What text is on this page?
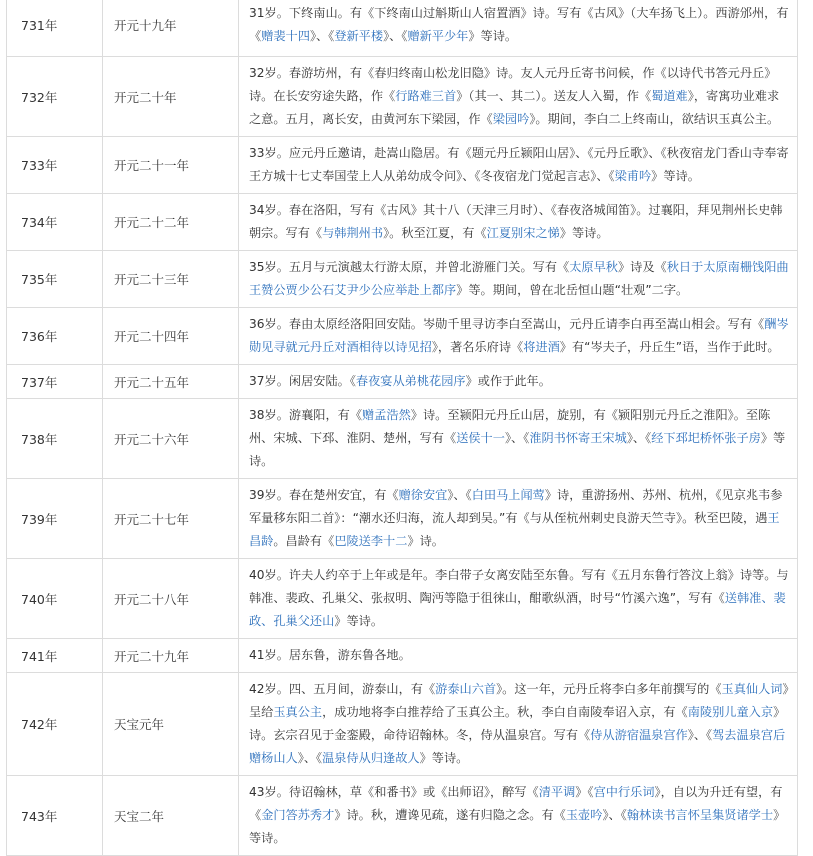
731年	开元十九年	31岁。下终南山。有《下终南山过斛斯山人宿置酒》诗。写有《古风》（大车扬飞上）。西游邠州，有《赠裴十四》、《登新平楼》、《赠新平少年》等诗。
732年	开元二十年	32岁。春游坊州，有《春归终南山松龙旧隐》诗。友人元丹丘寄书问候，作《以诗代书答元丹丘》诗。在长安穷途失路，作《行路难三首》（其一、其二）。送友人入蜀，作《蜀道难》，寄寓功业难求之意。五月，离长安，由黄河东下梁园，作《梁园吟》。期间，李白二上终南山，欲结识玉真公主。
733年	开元二十一年	33岁。应元丹丘邀请，赴嵩山隐居。有《题元丹丘颍阳山居》、《元丹丘歌》、《秋夜宿龙门香山寺奉寄王方城十七丈奉国莹上人从弟幼成令问》、《冬夜宿龙门觉起言志》、《梁甫吟》等诗。
734年	开元二十二年	34岁。春在洛阳，写有《古风》其十八（天津三月时）、《春夜洛城闻笛》。过襄阳，拜见荆州长史韩朝宗。写有《与韩荆州书》。秋至江夏，有《江夏别宋之悌》等诗。
735年	开元二十三年	35岁。五月与元演越太行游太原，并曾北游雁门关。写有《太原早秋》诗及《秋日于太原南栅饯阳曲王赞公贾少公石艾尹少公应举赴上都序》等。期间，曾在北岳恒山题“壮观”二字。
736年	开元二十四年	36岁。春由太原经洛阳回安陆。岑勋千里寻访李白至嵩山，元丹丘请李白再至嵩山相会。写有《酬岑勋见寻就元丹丘对酒相待以诗见招》，著名乐府诗《将进酒》有“岑夫子，丹丘生”语，当作于此时。
737年	开元二十五年	37岁。闲居安陆。《春夜宴从弟桃花园序》或作于此年。
738年	开元二十六年	38岁。游襄阳，有《赠孟浩然》诗。至颍阳元丹丘山居，旋别，有《颍阳别元丹丘之淮阳》。至陈州、宋城、下邳、淮阴、楚州，写有《送侯十一》、《淮阴书怀寄王宋城》、《经下邳圯桥怀张子房》等诗。
739年	开元二十七年	39岁。春在楚州安宜，有《赠徐安宜》、《白田马上闻莺》诗，重游扬州、苏州、杭州，《见京兆韦参军量移东阳二首》：“潮水还归海，流人却到吴。”有《与从侄杭州刺史良游天竺寺》。秋至巴陵，遇王昌龄。昌龄有《巴陵送李十二》诗。
740年	开元二十八年	40岁。许夫人约卒于上年或是年。李白带子女离安陆至东鲁。写有《五月东鲁行答汶上翁》诗等。与韩准、裴政、孔巢父、张叔明、陶沔等隐于徂徕山，酣歌纵酒，时号“竹溪六逸”，写有《送韩准、裴政、孔巢父还山》等诗。
741年	开元二十九年	41岁。居东鲁，游东鲁各地。
742年	天宝元年	42岁。四、五月间，游泰山，有《游泰山六首》。这一年，元丹丘将李白多年前撰写的《玉真仙人词》呈给玉真公主，成功地将李白推荐给了玉真公主。秋，李白自南陵奉诏入京，有《南陵别儿童入京》诗。玄宗召见于金銮殿，命待诏翰林。冬，侍从温泉宫。写有《侍从游宿温泉宫作》、《驾去温泉宫后赠杨山人》、《温泉侍从归逢故人》等诗。
743年	天宝二年	43岁。待诏翰林，草《和番书》或《出师诏》，醉写《清平调》《宫中行乐词》，自以为升迁有望，有《金门答苏秀才》诗。秋，遭谗见疏，遂有归隐之念。有《玉壶吟》、《翰林读书言怀呈集贤诸学士》等诗。
